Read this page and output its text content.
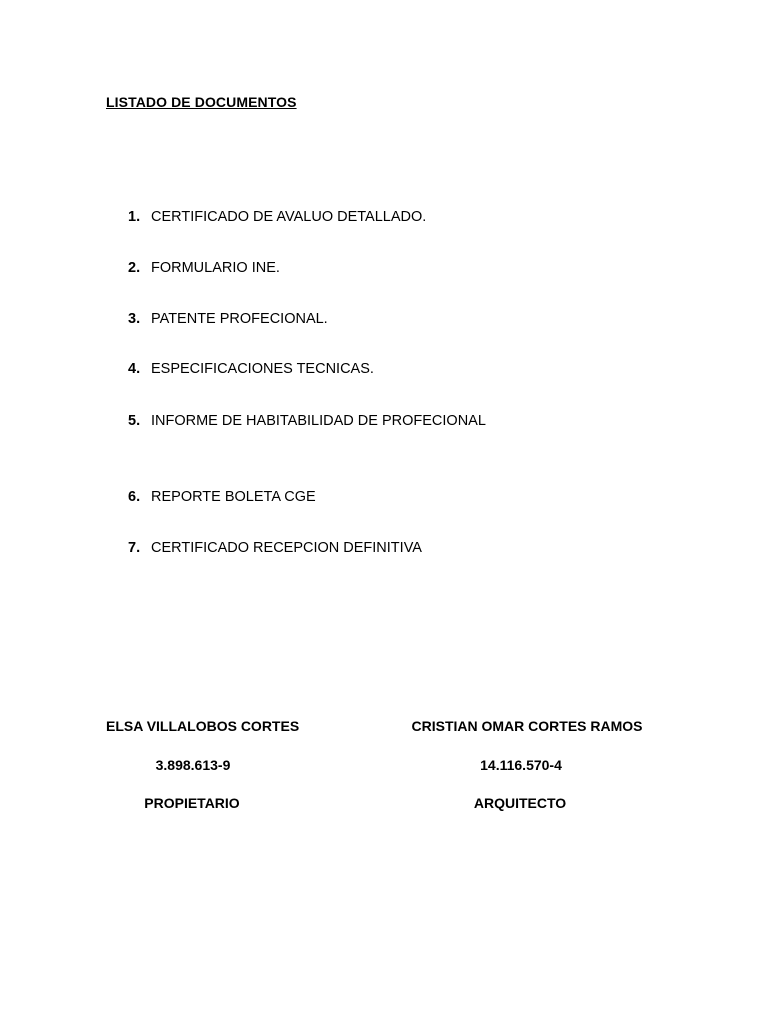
LISTADO DE DOCUMENTOS
1. CERTIFICADO DE AVALUO DETALLADO.
2. FORMULARIO INE.
3. PATENTE PROFECIONAL.
4. ESPECIFICACIONES TECNICAS.
5. INFORME DE HABITABILIDAD DE PROFECIONAL
6. REPORTE BOLETA CGE
7. CERTIFICADO RECEPCION DEFINITIVA
ELSA VILLALOBOS CORTES
3.898.613-9
PROPIETARIO
CRISTIAN OMAR CORTES RAMOS
14.116.570-4
ARQUITECTO
